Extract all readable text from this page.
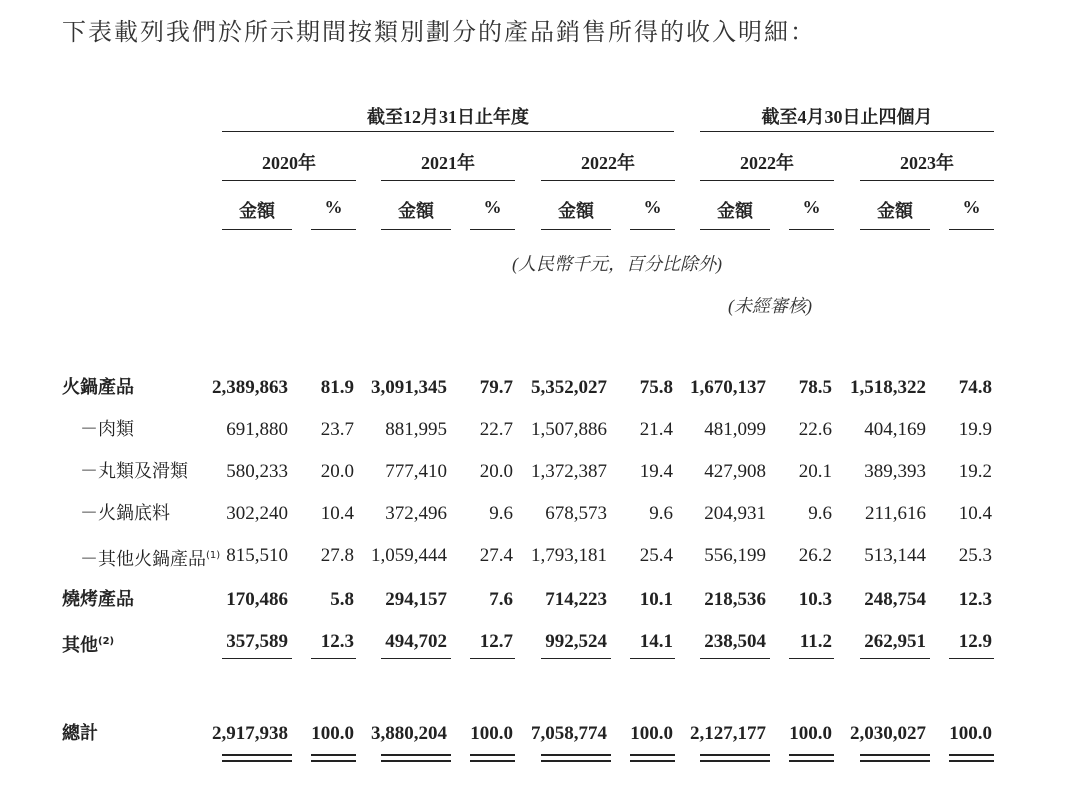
下表載列我們於所示期間按類別劃分的產品銷售所得的收入明細：
截至12月31日止年度	截至4月30日止四個月
2020年
金額	%
2021年
金額	%
2022年
金額	%
2022年
金額	%
2023年
金額	%
(人民幣千元，百分比除外)
(未經審核)
火鍋產品	2,389,863	81.9 3,091,345	79.7 5,352,027	75.8 1,670,137	78.5 1,518,322	74.8
－肉類	691,880	23.7	881,995	22.7 1,507,886	21.4	481,099	22.6	404,169	19.9
－丸類及滑類	580,233	20.0	777,410	20.0 1,372,387	19.4	427,908	20.1	389,393	19.2
－火鍋底料	302,240	10.4	372,496	9.6	678,573	9.6	204,931	9.6	211,616	10.4
－其他火鍋產品$^{(1)}$ 815,510	27.8 1,059,444	27.4 1,793,181	25.4	556,199	26.2	513,144	25.3
燒烤產品	170,486	5.8	294,157	7.6	714,223	10.1	218,536	10.3	248,754	12.3
其他$^{(2)}$	357,589	12.3	494,702	12.7	992,524	14.1	238,504	11.2	262,951	12.9
總計	2,917,938	100.0 3,880,204	100.0 7,058,774	100.0 2,127,177	100.0 2,030,027	100.0
